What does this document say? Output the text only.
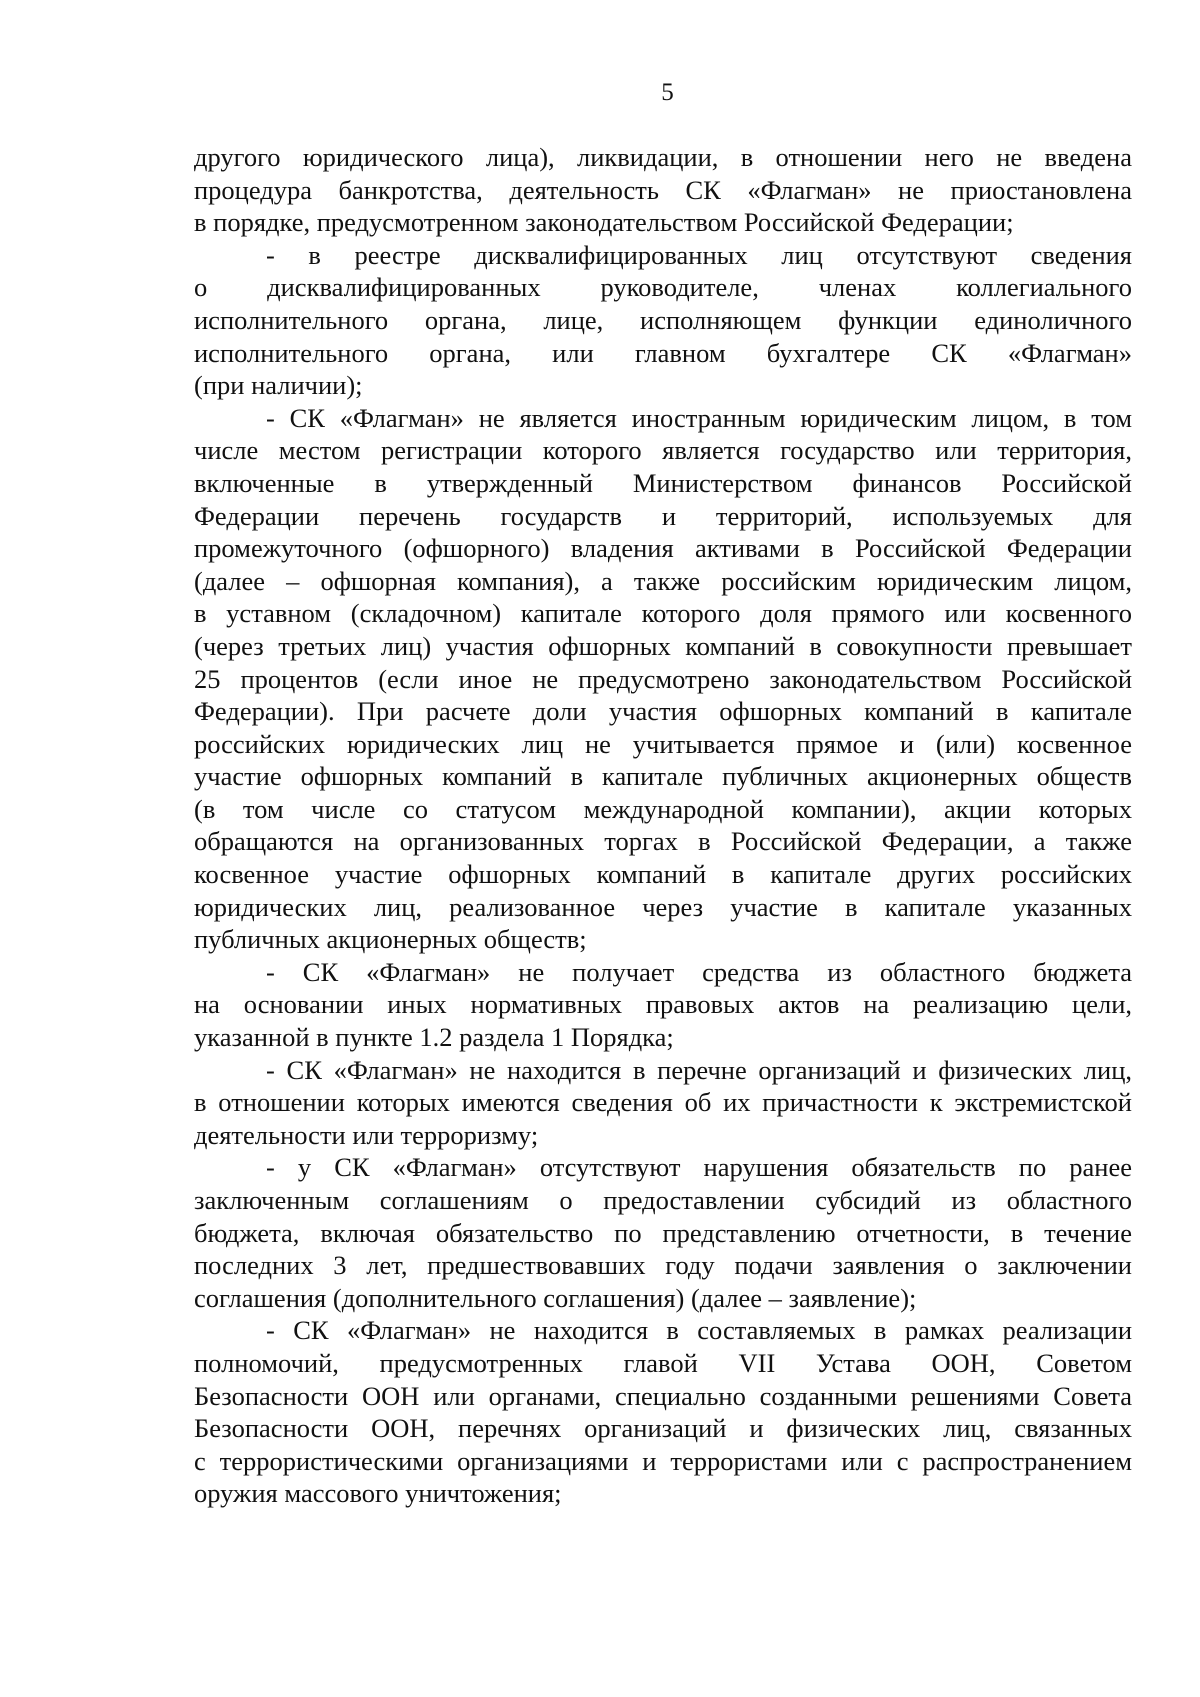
5
другого юридического лица), ликвидации, в отношении него не введена
процедура банкротства, деятельность СК «Флагман» не приостановлена
в порядке, предусмотренном законодательством Российской Федерации;
- в реестре дисквалифицированных лиц отсутствуют сведения
о дисквалифицированных руководителе, членах коллегиального
исполнительного органа, лице, исполняющем функции единоличного
исполнительного органа, или главном бухгалтере СК «Флагман»
(при наличии);
- СК «Флагман» не является иностранным юридическим лицом, в том
числе местом регистрации которого является государство или территория,
включенные в утвержденный Министерством финансов Российской
Федерации перечень государств и территорий, используемых для
промежуточного (офшорного) владения активами в Российской Федерации
(далее – офшорная компания), а также российским юридическим лицом,
в уставном (складочном) капитале которого доля прямого или косвенного
(через третьих лиц) участия офшорных компаний в совокупности превышает
25 процентов (если иное не предусмотрено законодательством Российской
Федерации). При расчете доли участия офшорных компаний в капитале
российских юридических лиц не учитывается прямое и (или) косвенное
участие офшорных компаний в капитале публичных акционерных обществ
(в том числе со статусом международной компании), акции которых
обращаются на организованных торгах в Российской Федерации, а также
косвенное участие офшорных компаний в капитале других российских
юридических лиц, реализованное через участие в капитале указанных
публичных акционерных обществ;
- СК «Флагман» не получает средства из областного бюджета
на основании иных нормативных правовых актов на реализацию цели,
указанной в пункте 1.2 раздела 1 Порядка;
- СК «Флагман» не находится в перечне организаций и физических лиц,
в отношении которых имеются сведения об их причастности к экстремистской
деятельности или терроризму;
- у СК «Флагман» отсутствуют нарушения обязательств по ранее
заключенным соглашениям о предоставлении субсидий из областного
бюджета, включая обязательство по представлению отчетности, в течение
последних 3 лет, предшествовавших году подачи заявления о заключении
соглашения (дополнительного соглашения) (далее – заявление);
- СК «Флагман» не находится в составляемых в рамках реализации
полномочий, предусмотренных главой VII Устава ООН, Советом
Безопасности ООН или органами, специально созданными решениями Совета
Безопасности ООН, перечнях организаций и физических лиц, связанных
с террористическими организациями и террористами или с распространением
оружия массового уничтожения;
